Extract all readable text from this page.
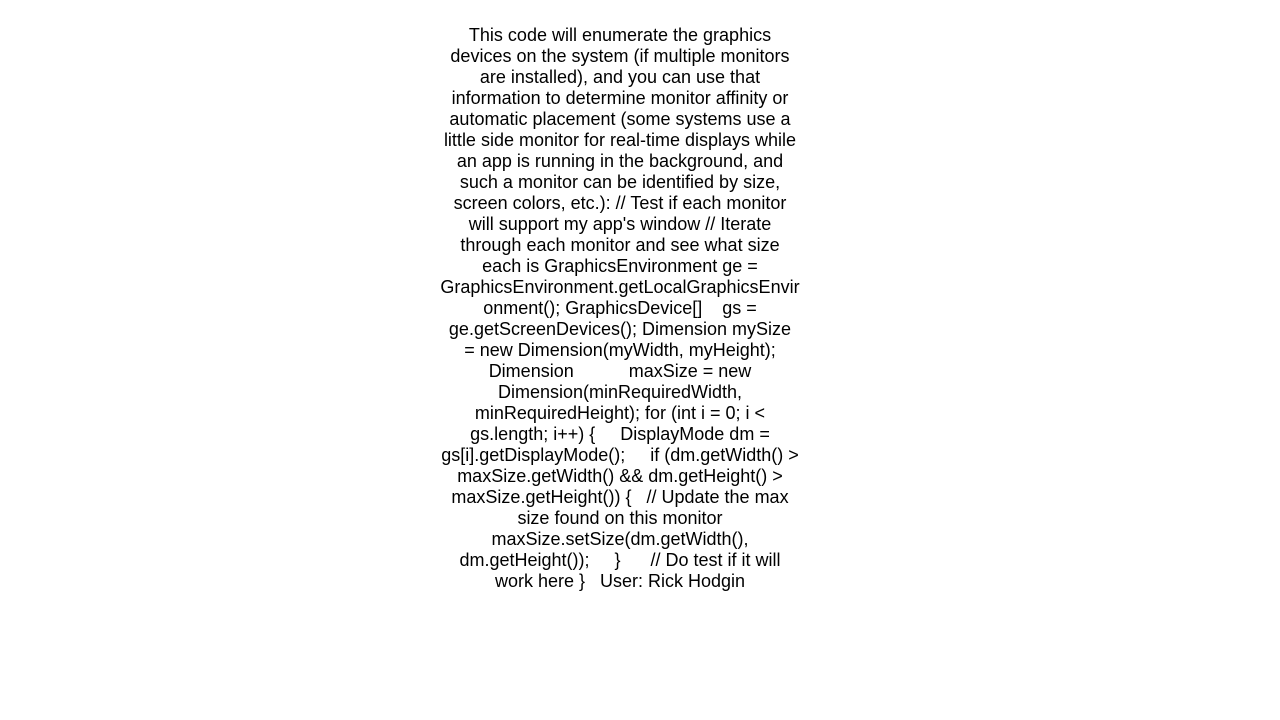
This code will enumerate the graphics devices on the system (if multiple monitors are installed), and you can use that information to determine monitor affinity or automatic placement (some systems use a little side monitor for real-time displays while an app is running in the background, and such a monitor can be identified by size, screen colors, etc.): // Test if each monitor will support my app's window // Iterate through each monitor and see what size each is GraphicsEnvironment ge = GraphicsEnvironment.getLocalGraphicsEnvironment(); GraphicsDevice[]    gs = ge.getScreenDevices(); Dimension mySize  = new Dimension(myWidth, myHeight); Dimension           maxSize = new Dimension(minRequiredWidth, minRequiredHeight); for (int i = 0; i < gs.length; i++) {     DisplayMode dm = gs[i].getDisplayMode();     if (dm.getWidth() > maxSize.getWidth() && dm.getHeight() > maxSize.getHeight()) {   // Update the max size found on this monitor maxSize.setSize(dm.getWidth(), dm.getHeight());     }      // Do test if it will work here }   User: Rick Hodgin
